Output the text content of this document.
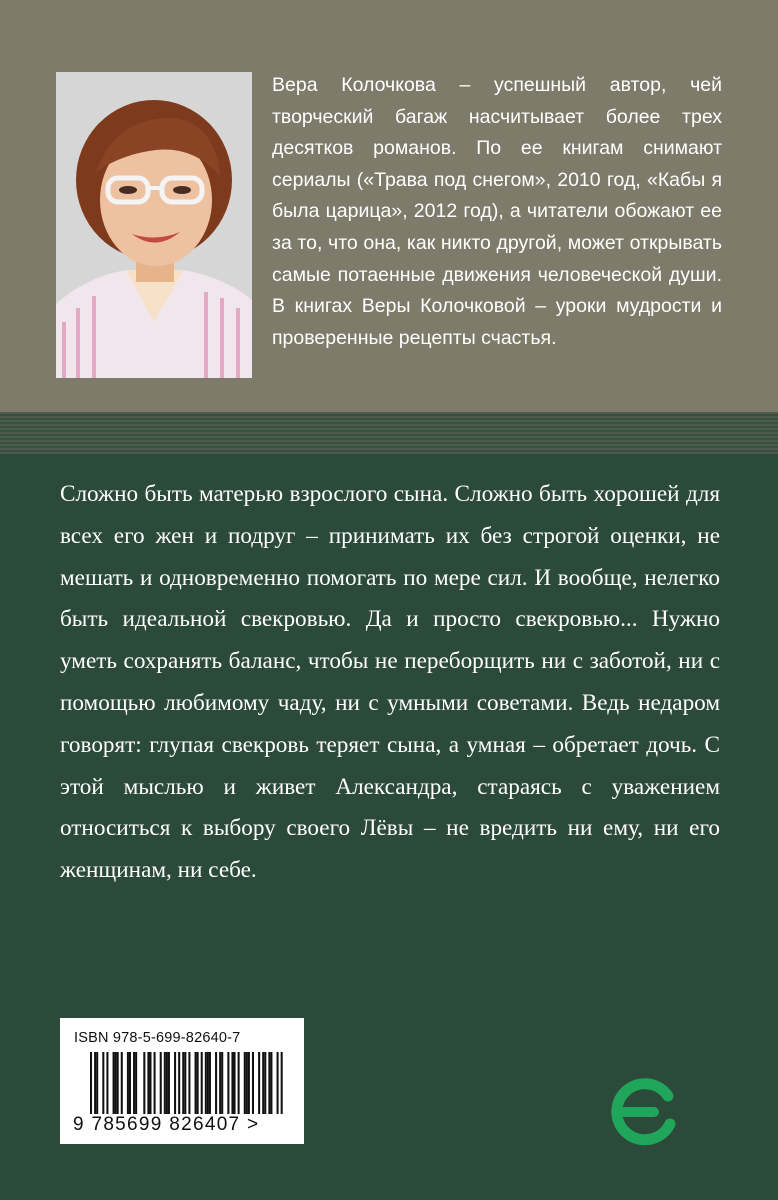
Вера Колочкова – успешный автор, чей творческий багаж насчитывает более трех десятков романов. По ее книгам снимают сериалы («Трава под снегом», 2010 год, «Кабы я была царица», 2012 год), а читатели обожают ее за то, что она, как никто другой, может открывать самые потаенные движения человеческой души. В книгах Веры Колочковой – уроки мудрости и проверенные рецепты счастья.

Сложно быть матерью взрослого сына. Сложно быть хорошей для всех его жен и подруг – принимать их без строгой оценки, не мешать и одновременно помогать по мере сил. И вообще, нелегко быть идеальной свекровью. Да и просто свекровью... Нужно уметь сохранять баланс, чтобы не переборщить ни с заботой, ни с помощью любимому чаду, ни с умными советами. Ведь недаром говорят: глупая свекровь теряет сына, а умная – обретает дочь. С этой мыслью и живет Александра, стараясь с уважением относиться к выбору своего Лёвы – не вредить ни ему, ни его женщинам, ни себе.

ISBN 978-5-699-82640-7
9 785699 826407 >
